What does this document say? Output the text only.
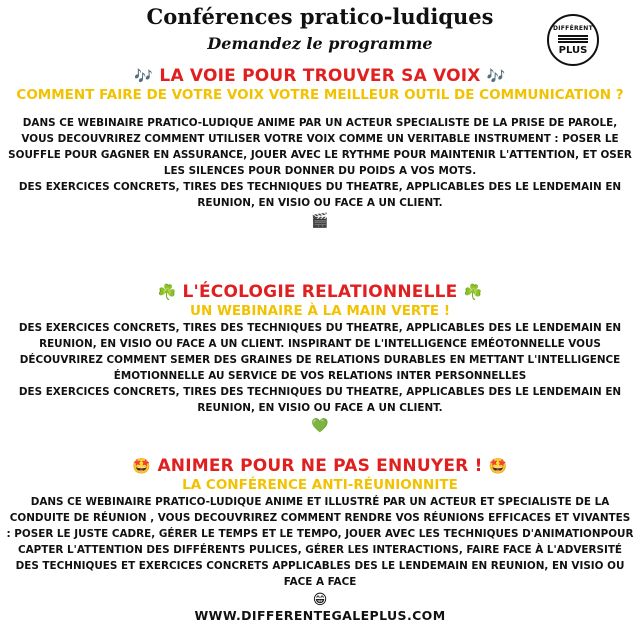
Conférences pratico-ludiques
Demandez le programme
DIFFÉRENT
PLUS
🎶 LA VOIE POUR TROUVER SA VOIX 🎶
COMMENT FAIRE DE VOTRE VOIX VOTRE MEILLEUR OUTIL DE COMMUNICATION ?

DANS CE WEBINAIRE PRATICO-LUDIQUE ANIME PAR UN ACTEUR SPECIALISTE DE LA PRISE DE PAROLE, VOUS DECOUVRIREZ COMMENT UTILISER VOTRE VOIX COMME UN VERITABLE INSTRUMENT : POSER LE SOUFFLE POUR GAGNER EN ASSURANCE, JOUER AVEC LE RYTHME POUR MAINTENIR L'ATTENTION, ET OSER LES SILENCES POUR DONNER DU POIDS A VOS MOTS.

DES EXERCICES CONCRETS, TIRES DES TECHNIQUES DU THEATRE, APPLICABLES DES LE LENDEMAIN EN REUNION, EN VISIO OU FACE A UN CLIENT.

🎬
☘️ L'ÉCOLOGIE RELATIONNELLE ☘️
UN WEBINAIRE À LA MAIN VERTE !

DES EXERCICES CONCRETS, TIRES DES TECHNIQUES DU THEATRE, APPLICABLES DES LE LENDEMAIN EN REUNION, EN VISIO OU FACE A UN CLIENT. INSPIRANT DE L'INTELLIGENCE EMÉOTONNELLE VOUS DÉCOUVRIREZ COMMENT SEMER DES GRAINES DE RELATIONS DURABLES EN METTANT L'INTELLIGENCE ÉMOTIONNELLE AU SERVICE DE VOS RELATIONS INTER PERSONNELLES

DES EXERCICES CONCRETS, TIRES DES TECHNIQUES DU THEATRE, APPLICABLES DES LE LENDEMAIN EN REUNION, EN VISIO OU FACE A UN CLIENT.

💚
🤩 ANIMER POUR NE PAS ENNUYER ! 🤩
LA CONFÉRENCE ANTI-RÉUNIONNITE

DANS CE WEBINAIRE PRATICO-LUDIQUE ANIME ET ILLUSTRÉ PAR UN ACTEUR ET SPECIALISTE DE LA CONDUITE DE RÉUNION , VOUS DECOUVRIREZ COMMENT RENDRE VOS RÉUNIONS EFFICACES ET VIVANTES : POSER LE JUSTE CADRE, GÉRER LE TEMPS ET LE TEMPO, JOUER AVEC LES TECHNIQUES D'ANIMATIONPOUR CAPTER L'ATTENTION DES DIFFÉRENTS PULICES, GÉRER LES INTERACTIONS, FAIRE FACE À L'ADVERSITÉ

DES TECHNIQUES ET EXERCICES CONCRETS APPLICABLES DES LE LENDEMAIN EN REUNION, EN VISIO OU FACE A FACE

😁
WWW.DIFFERENTEGALEPLUS.COM
